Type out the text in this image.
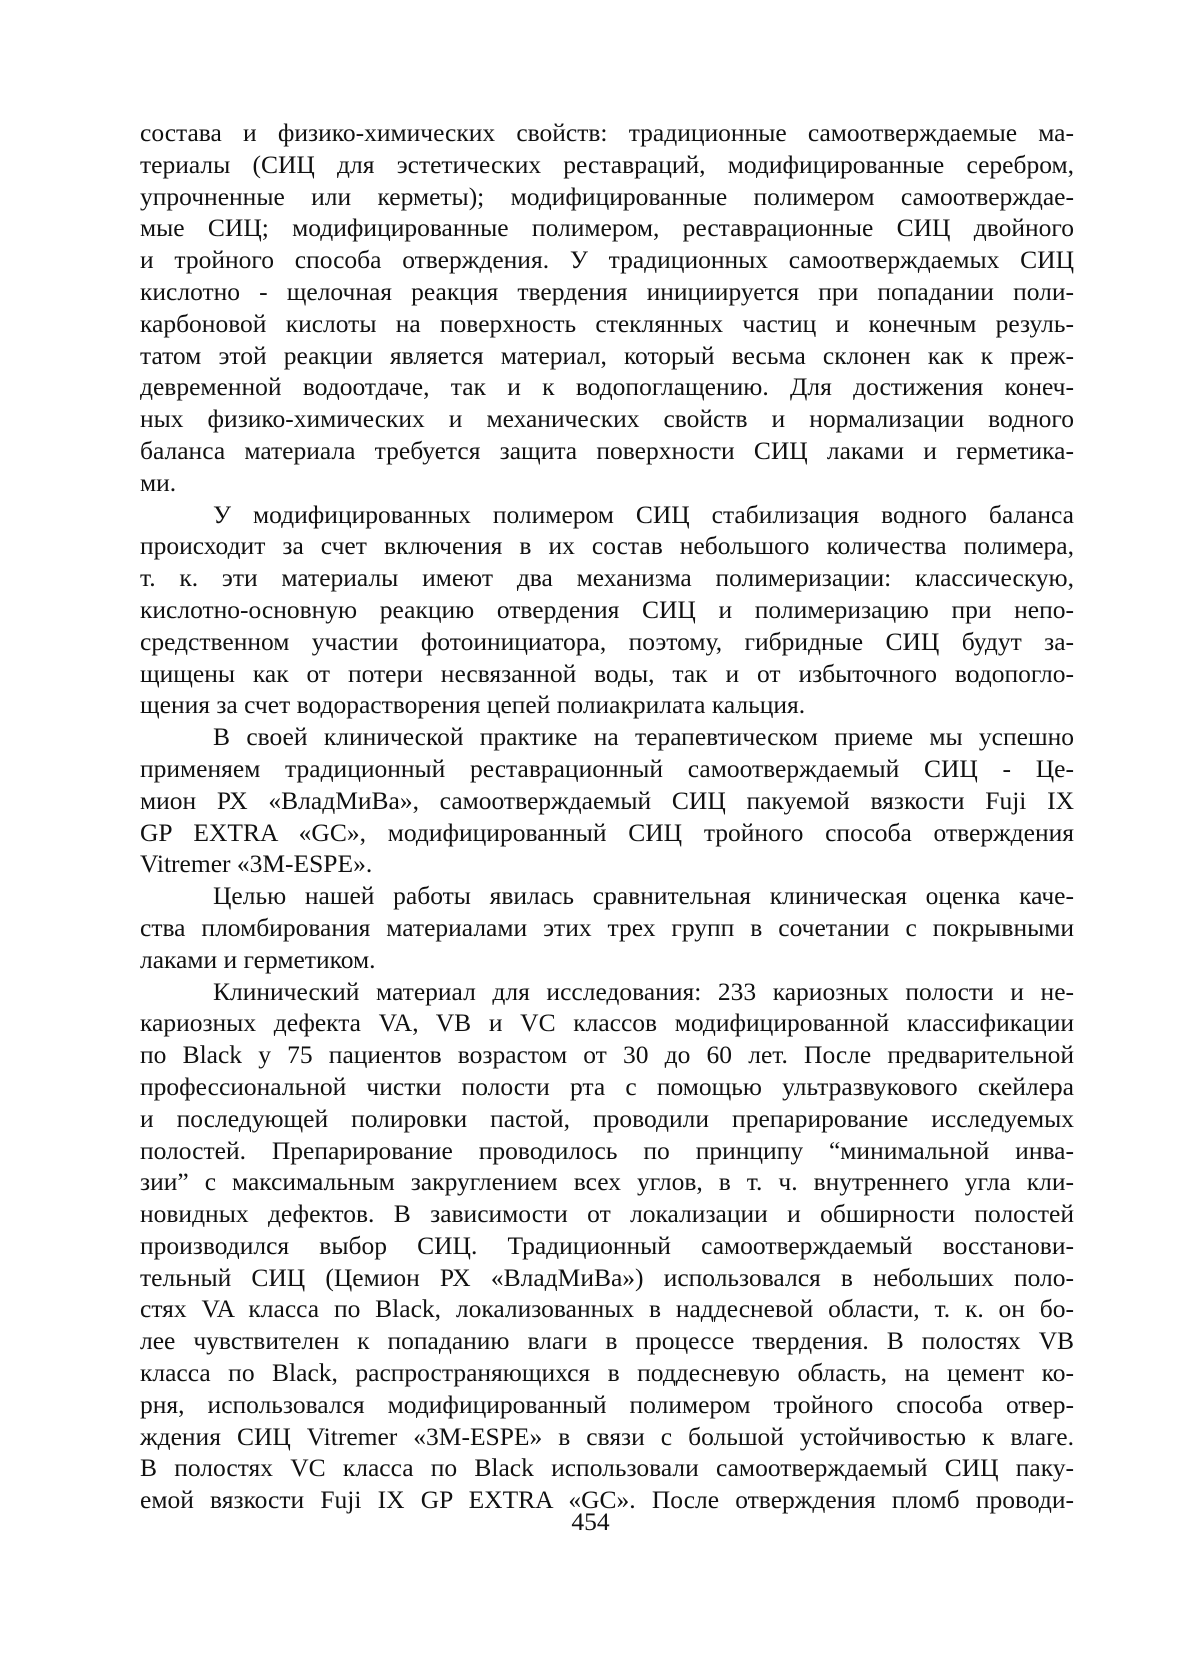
состава и физико-химических свойств: традиционные самоотверждаемые ма-
териалы (СИЦ для эстетических реставраций, модифицированные серебром,
упрочненные или керметы); модифицированные полимером самоотверждае-
мые СИЦ; модифицированные полимером, реставрационные СИЦ двойного
и тройного способа отверждения. У традиционных самоотверждаемых СИЦ
кислотно - щелочная реакция твердения инициируется при попадании поли-
карбоновой кислоты на поверхность стеклянных частиц и конечным резуль-
татом этой реакции является материал, который весьма склонен как к преж-
девременной водоотдаче, так и к водопоглащению. Для достижения конеч-
ных физико-химических и механических свойств и нормализации водного
баланса материала требуется защита поверхности СИЦ лаками и герметика-
ми.
У модифицированных полимером СИЦ стабилизация водного баланса
происходит за счет включения в их состав небольшого количества полимера,
т. к. эти материалы имеют два механизма полимеризации: классическую,
кислотно-основную реакцию отвердения СИЦ и полимеризацию при непо-
средственном участии фотоинициатора, поэтому, гибридные СИЦ будут за-
щищены как от потери несвязанной воды, так и от избыточного водопогло-
щения за счет водорастворения цепей полиакрилата кальция.
В своей клинической практике на терапевтическом приеме мы успешно
применяем традиционный реставрационный самоотверждаемый СИЦ - Це-
мион РХ «ВладМиВа», самоотверждаемый СИЦ пакуемой вязкости Fuji IX
GP EXTRA «GC», модифицированный СИЦ тройного способа отверждения
Vitremer «3M-ESPE».
Целью нашей работы явилась сравнительная клиническая оценка каче-
ства пломбирования материалами этих трех групп в сочетании с покрывными
лаками и герметиком.
Клинический материал для исследования: 233 кариозных полости и не-
кариозных дефекта VA, VB и VC классов модифицированной классификации
по Black у 75 пациентов возрастом от 30 до 60 лет. После предварительной
профессиональной чистки полости рта с помощью ультразвукового скейлера
и последующей полировки пастой, проводили препарирование исследуемых
полостей. Препарирование проводилось по принципу “минимальной инва-
зии” с максимальным закруглением всех углов, в т. ч. внутреннего угла кли-
новидных дефектов. В зависимости от локализации и обширности полостей
производился выбор СИЦ. Традиционный самоотверждаемый восстанови-
тельный СИЦ (Цемион РХ «ВладМиВа») использовался в небольших поло-
стях VA класса по Black, локализованных в наддесневой области, т. к. он бо-
лее чувствителен к попаданию влаги в процессе твердения. В полостях VB
класса по Black, распространяющихся в поддесневую область, на цемент ко-
рня, использовался модифицированный полимером тройного способа отвер-
ждения СИЦ Vitremer «3M-ESPE» в связи с большой устойчивостью к влаге.
В полостях VC класса по Black использовали самоотверждаемый СИЦ паку-
емой вязкости Fuji IX GP EXTRA «GC». После отверждения пломб проводи-
454
